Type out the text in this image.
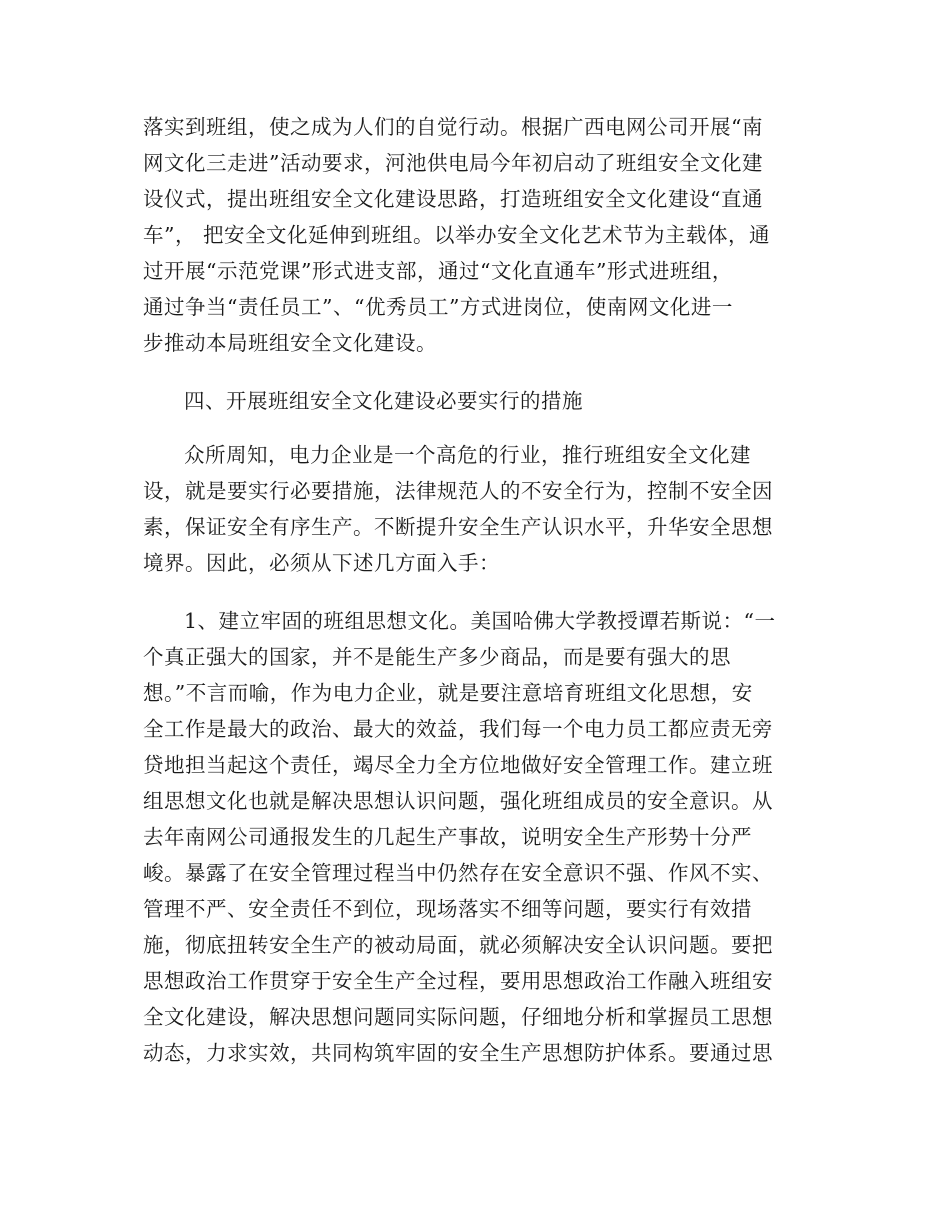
落实到班组，使之成为人们的自觉行动。根据广西电网公司开展“南
网文化三走进”活动要求，河池供电局今年初启动了班组安全文化建
设仪式，提出班组安全文化建设思路，打造班组安全文化建设“直通
车”， 把安全文化延伸到班组。以举办安全文化艺术节为主载体，通
过开展“示范党课”形式进支部，通过“文化直通车”形式进班组，
通过争当“责任员工”、“优秀员工”方式进岗位，使南网文化进一
步推动本局班组安全文化建设。
四、开展班组安全文化建设必要实行的措施
众所周知，电力企业是一个高危的行业，推行班组安全文化建
设，就是要实行必要措施，法律规范人的不安全行为，控制不安全因
素，保证安全有序生产。不断提升安全生产认识水平，升华安全思想
境界。因此，必须从下述几方面入手：
1、建立牢固的班组思想文化。美国哈佛大学教授谭若斯说：“一
个真正强大的国家，并不是能生产多少商品，而是要有强大的思
想。”不言而喻，作为电力企业，就是要注意培育班组文化思想，安
全工作是最大的政治、最大的效益，我们每一个电力员工都应责无旁
贷地担当起这个责任，竭尽全力全方位地做好安全管理工作。建立班
组思想文化也就是解决思想认识问题，强化班组成员的安全意识。从
去年南网公司通报发生的几起生产事故，说明安全生产形势十分严
峻。暴露了在安全管理过程当中仍然存在安全意识不强、作风不实、
管理不严、安全责任不到位，现场落实不细等问题，要实行有效措
施，彻底扭转安全生产的被动局面，就必须解决安全认识问题。要把
思想政治工作贯穿于安全生产全过程，要用思想政治工作融入班组安
全文化建设，解决思想问题同实际问题，仔细地分析和掌握员工思想
动态，力求实效，共同构筑牢固的安全生产思想防护体系。要通过思
